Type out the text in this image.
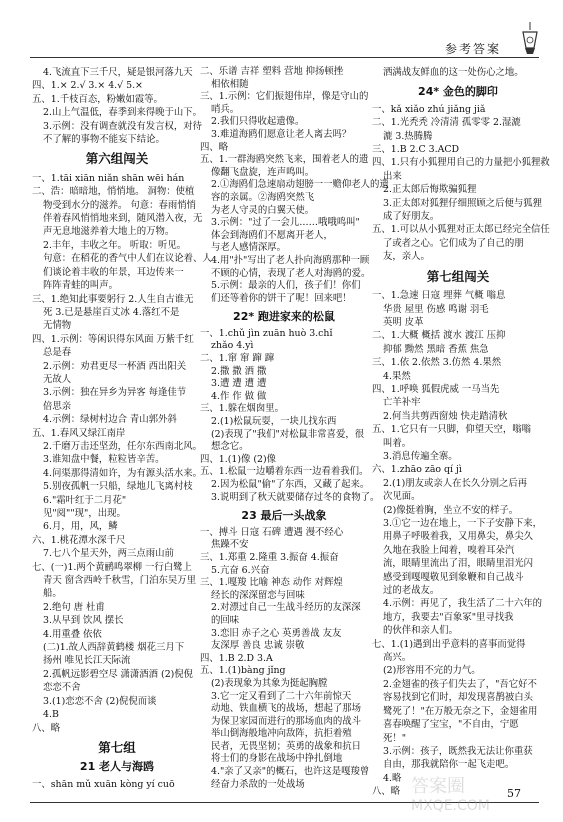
参考答案
4.飞流直下三千尺，疑是银河落九天
四、1.× 2.√ 3.× 4.√ 5.×
五、1.千枝百态，粉嫩如霞等。
2.山上气温低，春季到来得晚于山下。
3.示例：没有调查就没有发言权，对待
不了解的事物不能妄下结论。
第六组闯关
一、1.tāi xiān niǎn shān wēi hán
二、浩：暗暗地，悄悄地。 洞物：使植
物受到水分的滋养。 句意：春雨悄悄
伴着春风悄悄地来到，随风潜入夜，无
声无息地滋养着大地上的万物。
2.丰年，丰收之年。 听取：听见。
句意：在稻花的香气中人们在议论着、人
们谈论着丰收的年景，耳边传来一
阵阵青蛙的叫声。
三、1.绝知此事要躬行 2.人生自古谁无
死 3.已是悬崖百丈冰 4.落红不是
无情物
四、1.示例：等闲识得东风面 万紫千红
总是春
2.示例：劝君更尽一杯酒 西出阳关
无故人
3.示例：独在异乡为异客 每逢佳节
倍思亲
4.示例：绿树村边合 青山郭外斜
五、1.春风又绿江南岸
2.千磨万击还坚劲，任尔东西南北风。
3.谁知盘中餐，粒粒皆辛苦。
4.问渠那得清如许，为有源头活水来。
5.别夜孤帆一只船，绿地儿飞离村枝
6."霜叶红于二月花"
见"阅""现"，出现。
6.月，用，风，鳞
六、1.桃花潭水深千尺
7.七八个星天外，两三点雨山前
七、(一)1.两个黄鹂鸣翠柳 一行白鹭上
青天 窗含西岭千秋雪，门泊东吴万里
船。
2.绝句 唐 杜甫
3.从早到 饮风 摆长
4.用重叠 依依
(二)1.故人西辞黄鹤楼 烟花三月下
扬州 唯见长江天际流
2.孤帆远影碧空尽 潇潇酒酒 (2)倪倪
恋恋不舍
3.(1)恋恋不舍 (2)倪倪而谈
4.B
八、略
第七组
21 老人与海鸥
一、shān mǔ xuān kòng yí cuō
二、乐谱 吉祥 塑料 营地 抑扬顿挫
相依相随
三、1.示例：它们振翅伟岸，像是守山的
哨兵。
2.我们只得收起遗像。
3.难道海鸥们愿意让老人离去吗？
四、略
五、1.一群海鸥突然飞来，围着老人的遗
像翻飞盘旋，连声鸣叫。
2.①海鸥们急速扇动翅膀一一赡仰老人的遗
容的亲属。②海鸥突然飞
为老人守灵的白翼天使。
3.示例："过了一会儿……哦哦鸣叫"
体会到海鸥们不愿离开老人，
与老人感情深厚。
4.用"扑"写出了老人扑向海鸥那种一顾
不顾的心情，表现了老人对海鸥的爱。
5.示例：最亲的人们，孩子们！你们
们还等着你的饼干了呢！回来吧！
22* 跑进家来的松鼠
一、1.chǔ jìn zuān huò 3.chǐ
zhǎo 4.yì
二、1.窜 窜 蹿 蹿
2.撒 撒 洒 撒
3.遭 遭 遭 遭
4.作 作 做 做
三、1.躲在烟囱里。
2.(1)松鼠玩耍，一块儿找东西
(2)表现了"我们"对松鼠非常喜爱，很
想念它。
四、1.(1)像 (2)像
五、1.松鼠一边嚼着东西一边看着我们。
2.因为松鼠"偷"了东西，又藏了起来。
3.说明到了秋天就要储存过冬的食物了。
23 最后一头战象
一、搏斗 日寇 石碑 遭遇 漫不经心
焦躁不安
三、1.郑重 2.隆重 3.振奋 4.振奋
5.亢奋 6.兴奋
三、1.嘎羧 比喻 神态 动作 对辉煌
经长的深深留恋与回味
2.对漂过自己一生战斗经历的友深深
的回味
3.恋旧 赤子之心 英勇善战 友友
友深厚 善良 忠诚 崇敬
四、1.B 2.D 3.A
五、1.(1)bàng jǐng
(2)表现象为其象为挺起胸膛
3.它一定又看到了二十六年前惊天
动地、铁血横飞的战场，想起了那场
为保卫家园而进行的那场血肉的战斗
举山倒海般地冲向敌阵，抗拒着殖
民者，无畏坚韧；英勇的战象和抗日
将士们的身影在战场中挣扎倒地
4."亲了又亲"的概石，也许这是嘎羧曾
经奋力杀敌的一处战场
洒满战友鲜血的这一处伤心之地。
24* 金色的脚印
一、kǎ xiǎo zhú jiǎng jiǎ
二、1.光秃秃 冷清清 孤零零 2.湿漉
漉 3.热腾腾
三、1.B 2.C 3.ACD
四、1.只有小狐狸用自己的力量把小狐狸救
出来
2.正太郎后悔欺骗狐狸
3.正太郎对狐狸仔细照顾之后便与狐狸
成了好朋友。
五、1.可以从小狐狸对正太郎已经完全信任
了或者之心。它们成为了自己的朋
友，亲人。
第七组闯关
一、1.急速 日寇 埋葬 气概 嗡息
华贵 屋里 伤感 鸣谢 羽毛
英明 皮革
二、1.大概 概括 渡水 渡江 压抑
抑郁 黝然 黑暗 香蕉 焦急
三、1.依 2.依然 3.仿然 4.果然
4.果然
四、1.呼唤 狐假虎威 一马当先
亡羊补牢
2.何当共剪西窗烛 快走踏清秋
五、1.它只有一只脚，仰望天空，嗡嗡
叫着。
3.消息传遍全寨。
六、1.zhāo zāo qí jì
2.(1)朋友或亲人在长久分别之后再
次见面。
(2)像挺着胸，坐立不安的样子。
3.①它一边在地上，一下子安静下来，
用鼻子呼吸着我，又用鼻尖，鼻尖久
久地在我脸上闻着，嗅着耳朵汽
流，眼睛里流出了泪，眼睛里泪光闪
感受到嘎嘎敬见到象鞭和自己战斗
过的老战友。
4.示例：再见了，我生活了二十六年的
地方，我要去"百象冢"里寻找我
的伙伴和亲人们。
七、1.(1)遇到出乎意料的喜事而觉得
高兴。
(2)形容用不完的力气。
2.金翅雀的孩子们失去了，"吾它好不
容易找到它们时，却发现喜鹊被白头
鹭死了！"在万般无奈之下，金翅雀用
喜春唤醒了宝宝，"不自由，宁愿
死！"
3.示例：孩子，既然我无法让你重获
自由，那我就陪你一起飞走吧。
4.略
八、略 答案圈
MXQE.COM
57
